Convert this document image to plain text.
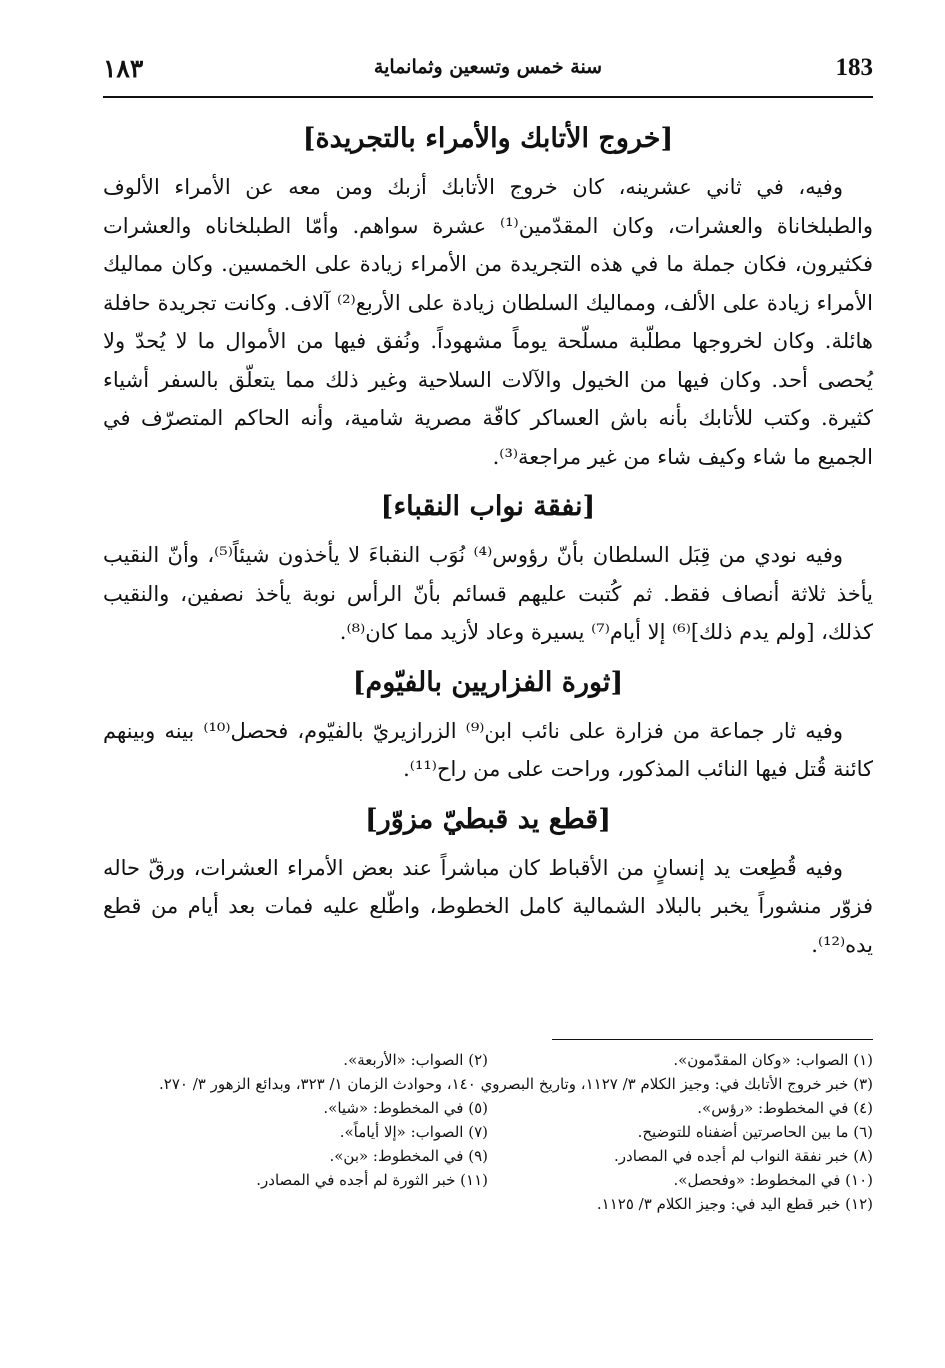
١٨٣	سنة خمس وتسعين وثمانماية	183
[خروج الأتابك والأمراء بالتجريدة]

وفيه، في ثاني عشرينه، كان خروج الأتابك أزبك ومن معه عن الأمراء الألوف والطبلخاناة والعشرات، وكان المقدّمين⁽¹⁾ عشرة سواهم. وأمّا الطبلخاناه والعشرات فكثيرون، فكان جملة ما في هذه التجريدة من الأمراء زيادة على الخمسين. وكان مماليك الأمراء زيادة على الألف، ومماليك السلطان زيادة على الأربع⁽²⁾ آلاف. وكانت تجريدة حافلة هائلة. وكان لخروجها مطلّبة مسلّحة يوماً مشهوداً. ونُفق فيها من الأموال ما لا يُحدّ ولا يُحصى أحد. وكان فيها من الخيول والآلات السلاحية وغير ذلك مما يتعلّق بالسفر أشياء كثيرة. وكتب للأتابك بأنه باش العساكر كافّة مصرية شامية، وأنه الحاكم المتصرّف في الجميع ما شاء وكيف شاء من غير مراجعة⁽³⁾.

[نفقة نواب النقباء]

وفيه نودي من قِبَل السلطان بأنّ رؤوس⁽⁴⁾ نُوَب النقباءَ لا يأخذون شيئاً⁽⁵⁾، وأنّ النقيب يأخذ ثلاثة أنصاف فقط. ثم كُتبت عليهم قسائم بأنّ الرأس نوبة يأخذ نصفين، والنقيب كذلك، [ولم يدم ذلك]⁽⁶⁾ إلا أيام⁽⁷⁾ يسيرة وعاد لأزيد مما كان⁽⁸⁾.

[ثورة الفزاريين بالفيّوم]

وفيه ثار جماعة من فزارة على نائب ابن⁽⁹⁾ الزرازيريّ بالفيّوم، فحصل⁽¹⁰⁾ بينه وبينهم كائنة قُتل فيها النائب المذكور، وراحت على من راح⁽¹¹⁾.

[قطع يد قبطيّ مزوّر]

وفيه قُطِعت يد إنسانٍ من الأقباط كان مباشراً عند بعض الأمراء العشرات، ورقّ حاله فزوّر منشوراً يخبر بالبلاد الشمالية كامل الخطوط، واطّلع عليه فمات بعد أيام من قطع يده⁽¹²⁾.

(١) الصواب: «وكان المقدّمون».
(٢) الصواب: «الأربعة».
(٣) خبر خروج الأتابك في: وجيز الكلام ٣/ ١١٢٧، وتاريخ البصروي ١٤٠، وحوادث الزمان ١/ ٣٢٣، وبدائع الزهور ٣/ ٢٧٠.
(٤) في المخطوط: «رؤس».
(٥) في المخطوط: «شيا».
(٦) ما بين الحاصرتين أضفناه للتوضيح.
(٧) الصواب: «إلا أياماً».
(٨) خبر نفقة النواب لم أجده في المصادر.
(٩) في المخطوط: «بن».
(١٠) في المخطوط: «وفحصل».
(١١) خبر الثورة لم أجده في المصادر.
(١٢) خبر قطع اليد في: وجيز الكلام ٣/ ١١٢٥.
